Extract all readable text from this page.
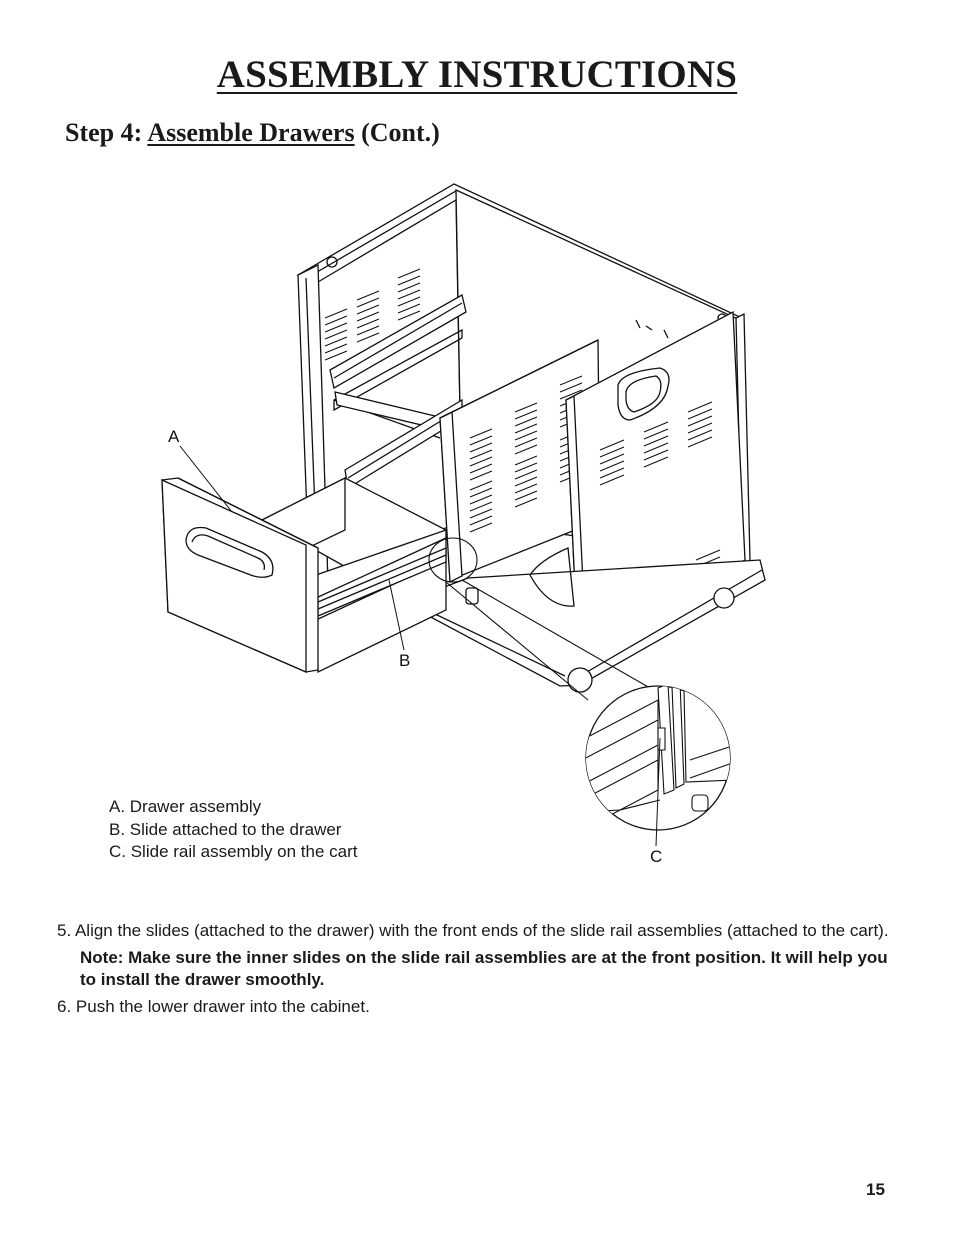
ASSEMBLY INSTRUCTIONS
Step 4: Assemble Drawers (Cont.)
A
B
C
A. Drawer assembly
B. Slide attached to the drawer
C. Slide rail assembly on the cart

5. Align the slides (attached to the drawer) with the front ends of the slide rail assemblies (attached to the cart).

Note: Make sure the inner slides on the slide rail assemblies are at the front position. It will help you to install the drawer smoothly.

6. Push the lower drawer into the cabinet.

15
